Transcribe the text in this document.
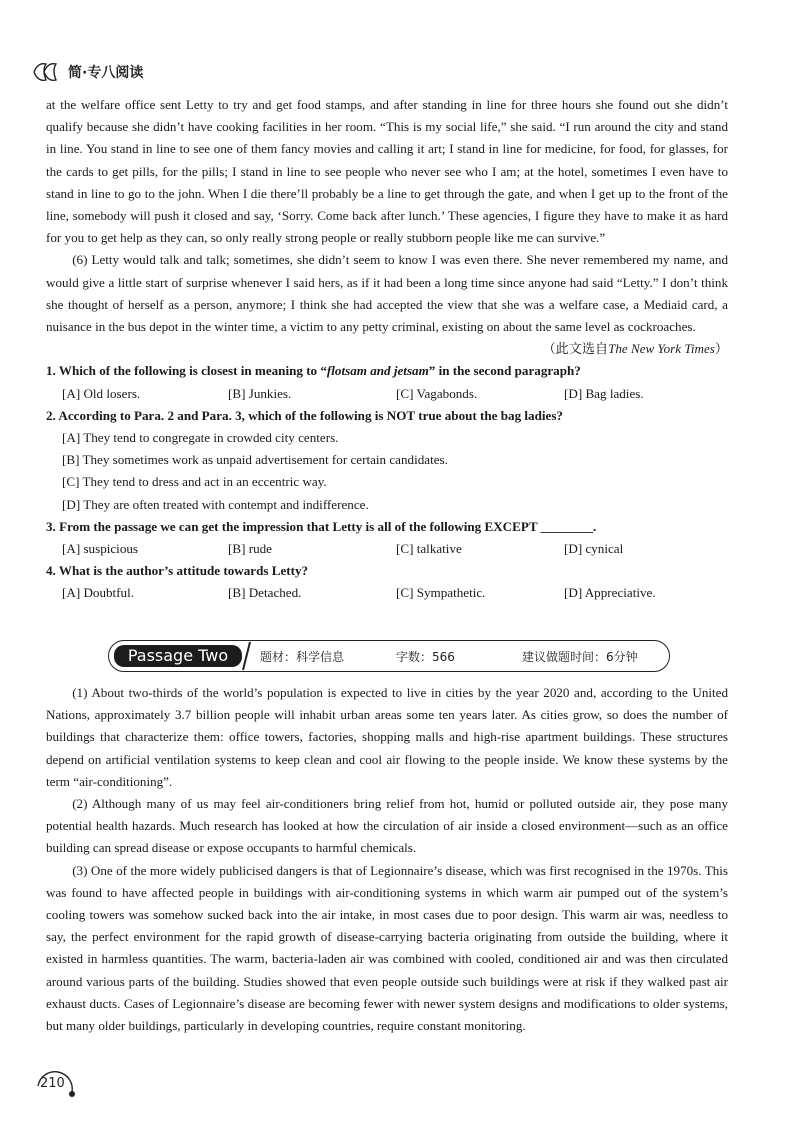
简·专八阅读

at the welfare office sent Letty to try and get food stamps, and after standing in line for three hours she found out she didn’t qualify because she didn’t have cooking facilities in her room. “This is my social life,” she said. “I run around the city and stand in line. You stand in line to see one of them fancy movies and calling it art; I stand in line for medicine, for food, for glasses, for the cards to get pills, for the pills; I stand in line to see people who never see who I am; at the hotel, sometimes I even have to stand in line to go to the john. When I die there’ll probably be a line to get through the gate, and when I get up to the front of the line, somebody will push it closed and say, ‘Sorry. Come back after lunch.’ These agencies, I figure they have to make it as hard for you to get help as they can, so only really strong people or really stubborn people like me can survive.”

(6) Letty would talk and talk; sometimes, she didn’t seem to know I was even there. She never remembered my name, and would give a little start of surprise whenever I said hers, as if it had been a long time since anyone had said “Letty.” I don’t think she thought of herself as a person, anymore; I think she had accepted the view that she was a welfare case, a Mediaid card, a nuisance in the bus depot in the winter time, a victim to any petty criminal, existing on about the same level as cockroaches.
（此文选自The New York Times）

1. Which of the following is closest in meaning to “flotsam and jetsam” in the second paragraph?

[A] Old losers.	[B] Junkies.	[C] Vagabonds.	[D] Bag ladies.

2. According to Para. 2 and Para. 3, which of the following is NOT true about the bag ladies?

[A] They tend to congregate in crowded city centers.

[B] They sometimes work as unpaid advertisement for certain candidates.

[C] They tend to dress and act in an eccentric way.

[D] They are often treated with contempt and indifference.

3. From the passage we can get the impression that Letty is all of the following EXCEPT ________.

[A] suspicious	[B] rude	[C] talkative	[D] cynical

4. What is the author’s attitude towards Letty?

[A] Doubtful.	[B] Detached.	[C] Sympathetic.	[D] Appreciative.
Passage Two	题材：科学信息	字数：566	建议做题时间：6分钟

(1) About two-thirds of the world’s population is expected to live in cities by the year 2020 and, according to the United Nations, approximately 3.7 billion people will inhabit urban areas some ten years later. As cities grow, so does the number of buildings that characterize them: office towers, factories, shopping malls and high-rise apartment buildings. These structures depend on artificial ventilation systems to keep clean and cool air flowing to the people inside. We know these systems by the term “air-conditioning”.

(2) Although many of us may feel air-conditioners bring relief from hot, humid or polluted outside air, they pose many potential health hazards. Much research has looked at how the circulation of air inside a closed environment—such as an office building can spread disease or expose occupants to harmful chemicals.

(3) One of the more widely publicised dangers is that of Legionnaire’s disease, which was first recognised in the 1970s. This was found to have affected people in buildings with air-conditioning systems in which warm air pumped out of the system’s cooling towers was somehow sucked back into the air intake, in most cases due to poor design. This warm air was, needless to say, the perfect environment for the rapid growth of disease-carrying bacteria originating from outside the building, where it existed in harmless quantities. The warm, bacteria-laden air was combined with cooled, conditioned air and was then circulated around various parts of the building. Studies showed that even people outside such buildings were at risk if they walked past air exhaust ducts. Cases of Legionnaire’s disease are becoming fewer with newer system designs and modifications to older systems, but many older buildings, particularly in developing countries, require constant monitoring.

210
